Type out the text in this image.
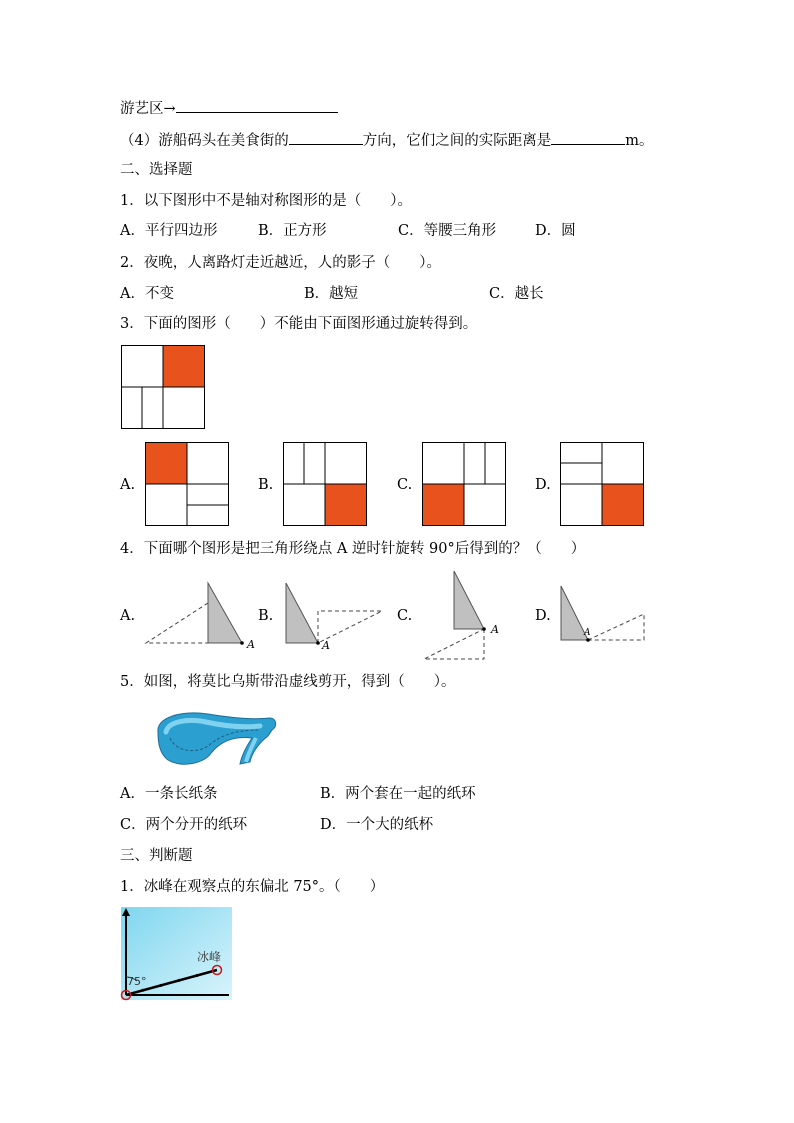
游艺区→
（4）游船码头在美食街的	方向，它们之间的实际距离是	m。
二、选择题
1．以下图形中不是轴对称图形的是（　　）。
A．平行四边形	B．正方形	C．等腰三角形	D．圆
2．夜晚，人离路灯走近越近，人的影子（　　）。
A．不变	B．越短	C．越长
3．下面的图形（　　）不能由下面图形通过旋转得到。
A.	B.	C.	D.
4．下面哪个图形是把三角形绕点 A 逆时针旋转 90°后得到的？（　　）
A.
A
B.
A
C.
A
D.
A
5．如图，将莫比乌斯带沿虚线剪开，得到（　　）。
A．一条长纸条	B．两个套在一起的纸环
C．两个分开的纸环	D．一个大的纸杯
三、判断题
1．冰峰在观察点的东偏北 75°。（　　）
75°
冰峰
